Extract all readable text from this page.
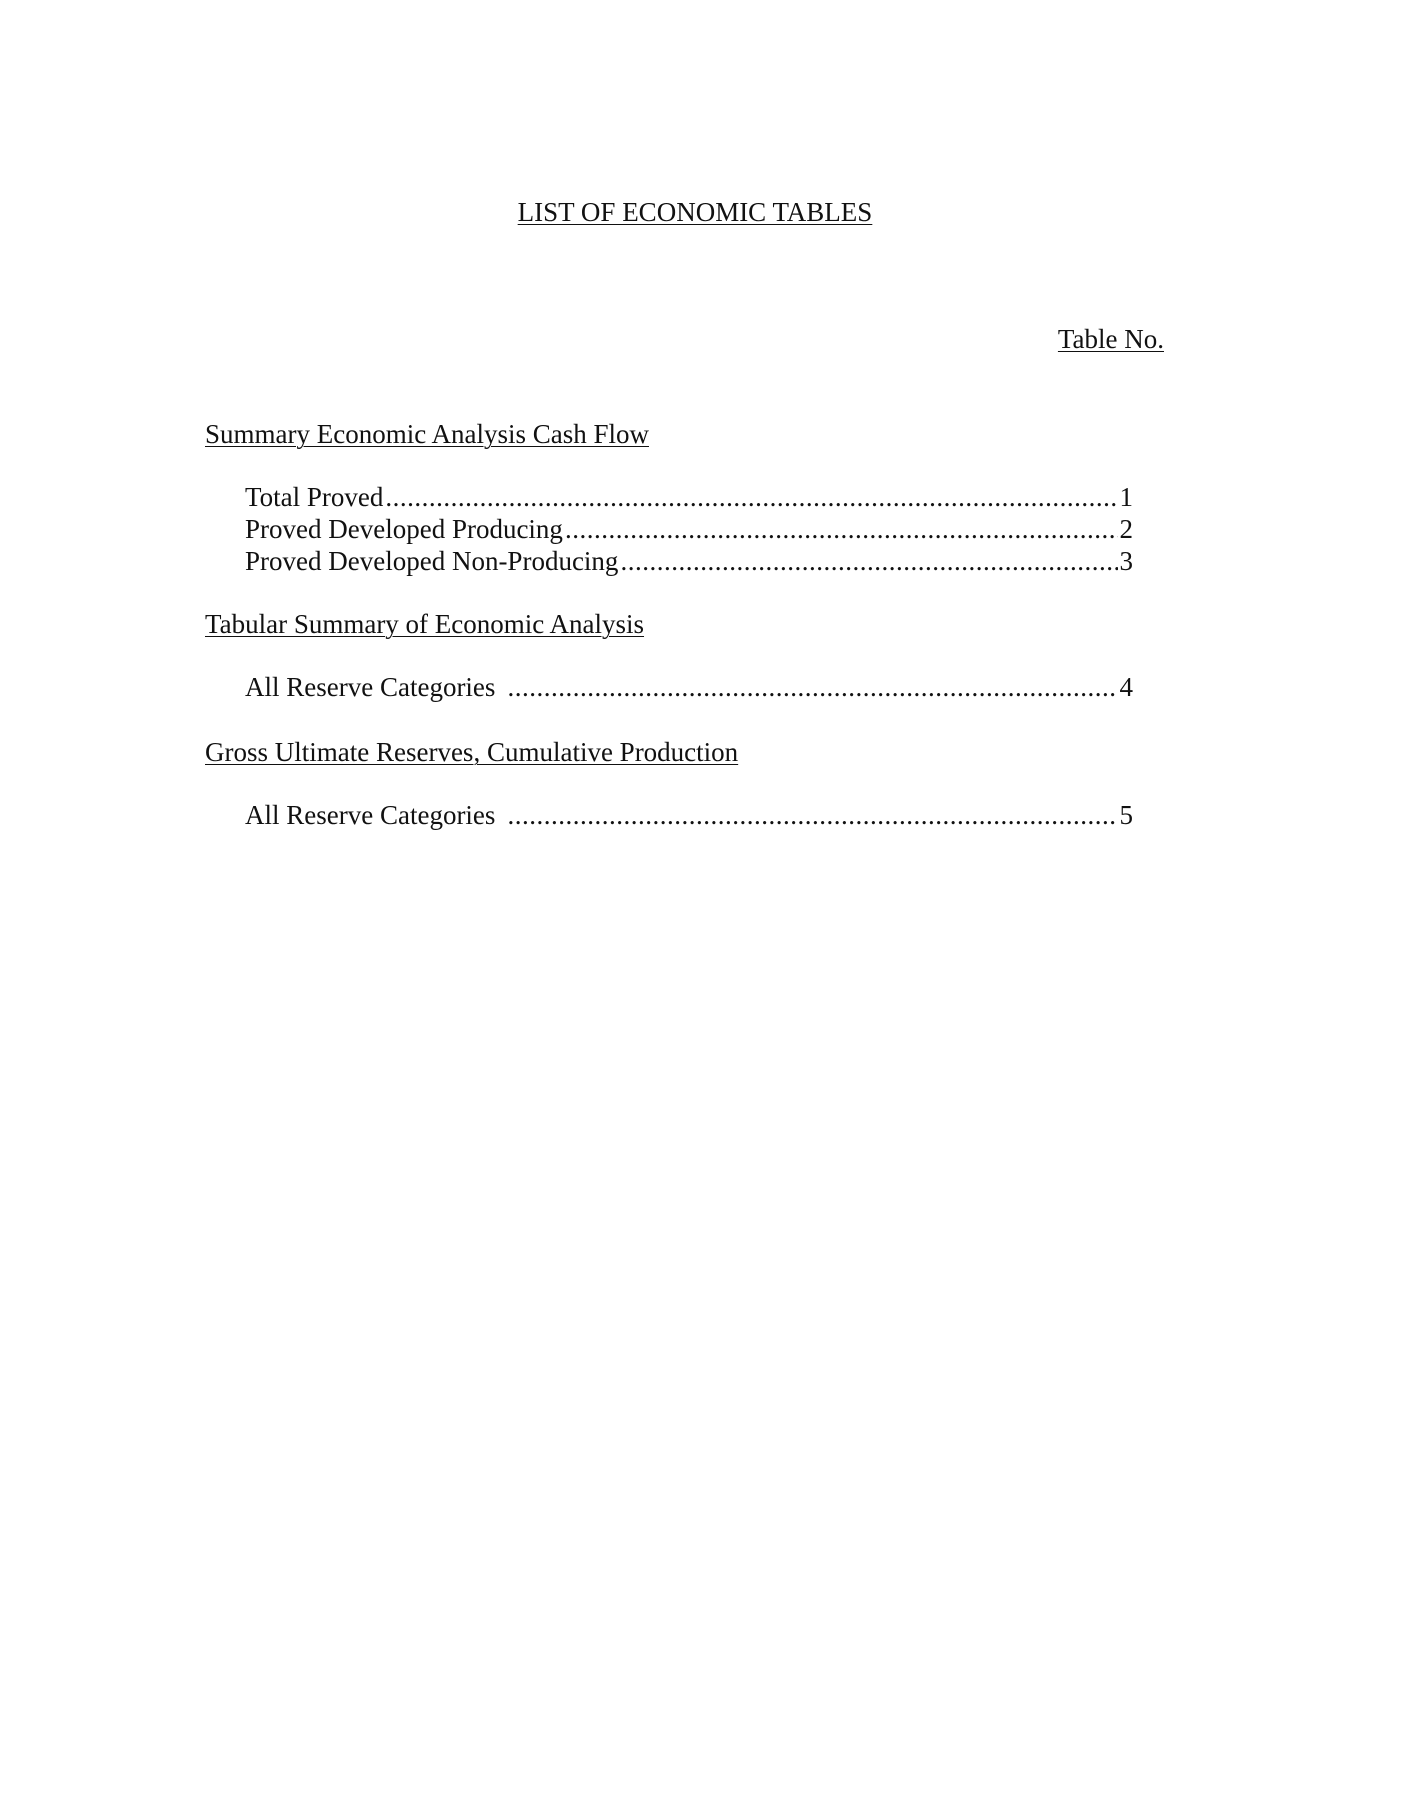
LIST OF ECONOMIC TABLES
Table No.
Summary Economic Analysis Cash Flow
Total Proved .....	1
Proved Developed Producing .....	2
Proved Developed Non-Producing .....	3
Tabular Summary of Economic Analysis
All Reserve Categories .....	4
Gross Ultimate Reserves, Cumulative Production
All Reserve Categories .....	5
